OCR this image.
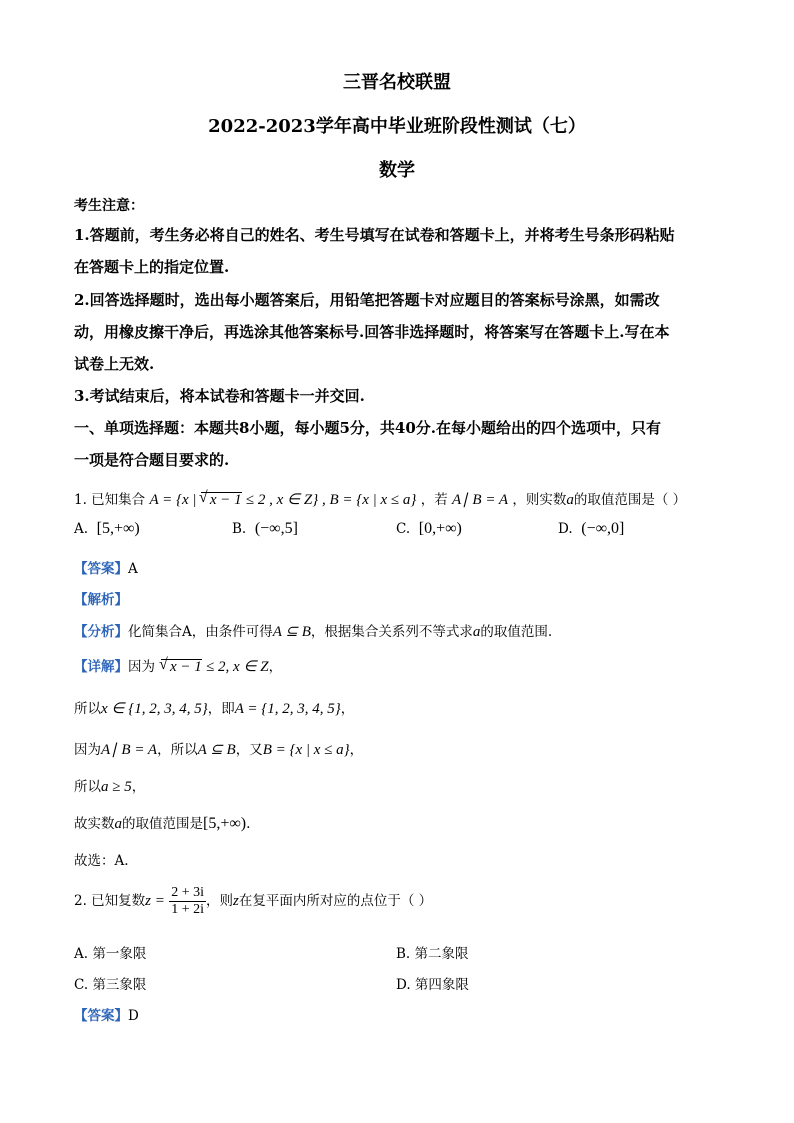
三晋名校联盟
2022-2023学年高中毕业班阶段性测试（七）
数学
考生注意：
1.答题前，考生务必将自己的姓名、考生号填写在试卷和答题卡上，并将考生号条形码粘贴
在答题卡上的指定位置.
2.回答选择题时，选出每小题答案后，用铅笔把答题卡对应题目的答案标号涂黑，如需改
动，用橡皮擦干净后，再选涂其他答案标号.回答非选择题时，将答案写在答题卡上.写在本
试卷上无效.
3.考试结束后，将本试卷和答题卡一并交回.
一、单项选择题：本题共8小题，每小题5分，共40分.在每小题给出的四个选项中，只有
一项是符合题目要求的.
1. 已知集合 A = {x | √ x − 1 ≤ 2 , x ∈ Z} , B = {x | x ≤ a} ，若 A∣ B = A ，则实数a的取值范围是（ ）
A. [5,+∞)	B. (−∞,5]	C. [0,+∞)	D. (−∞,0]
【答案】A
【解析】
【分析】化简集合A，由条件可得A ⊆ B，根据集合关系列不等式求a的取值范围.
【详解】因为 √ x − 1 ≤ 2, x ∈ Z，
所以x ∈ {1, 2, 3, 4, 5}，即A = {1, 2, 3, 4, 5}，
因为A∣ B = A，所以A ⊆ B，又B = {x | x ≤ a}，
所以a ≥ 5，
故实数a的取值范围是[5,+∞).
故选：A.
2. 已知复数$z = \frac{2 + 3i}{1 + 2i}$ ，则z在复平面内所对应的点位于（ ）
A. 第一象限	B. 第二象限
C. 第三象限	D. 第四象限
【答案】D
